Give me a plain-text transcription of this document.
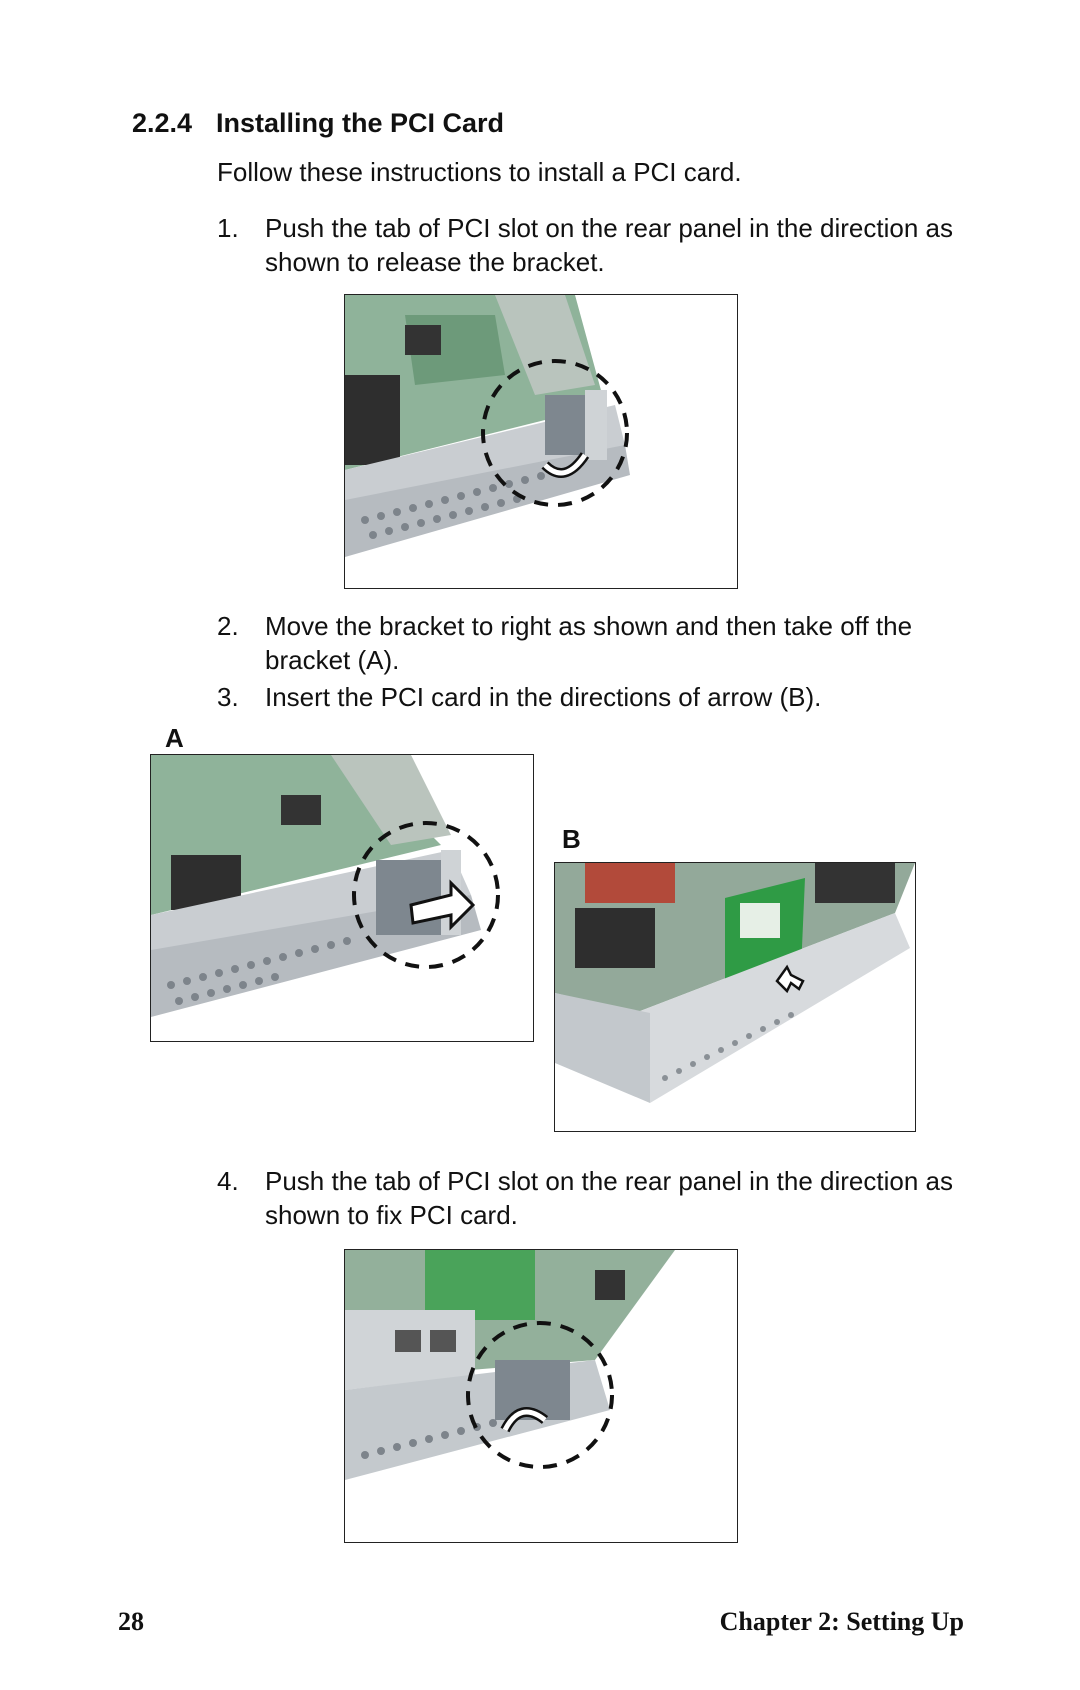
2.2.4 Installing the PCI Card
Follow these instructions to install a PCI card.
1.	Push the tab of PCI slot on the rear panel in the direction as shown to release the bracket.
2.	Move the bracket to right as shown and then take off the bracket (A).
3.	Insert the PCI card in the directions of arrow (B).
A
B
4.	Push the tab of PCI slot on the rear panel in the direction as shown to fix PCI card.
28	Chapter 2: Setting Up
